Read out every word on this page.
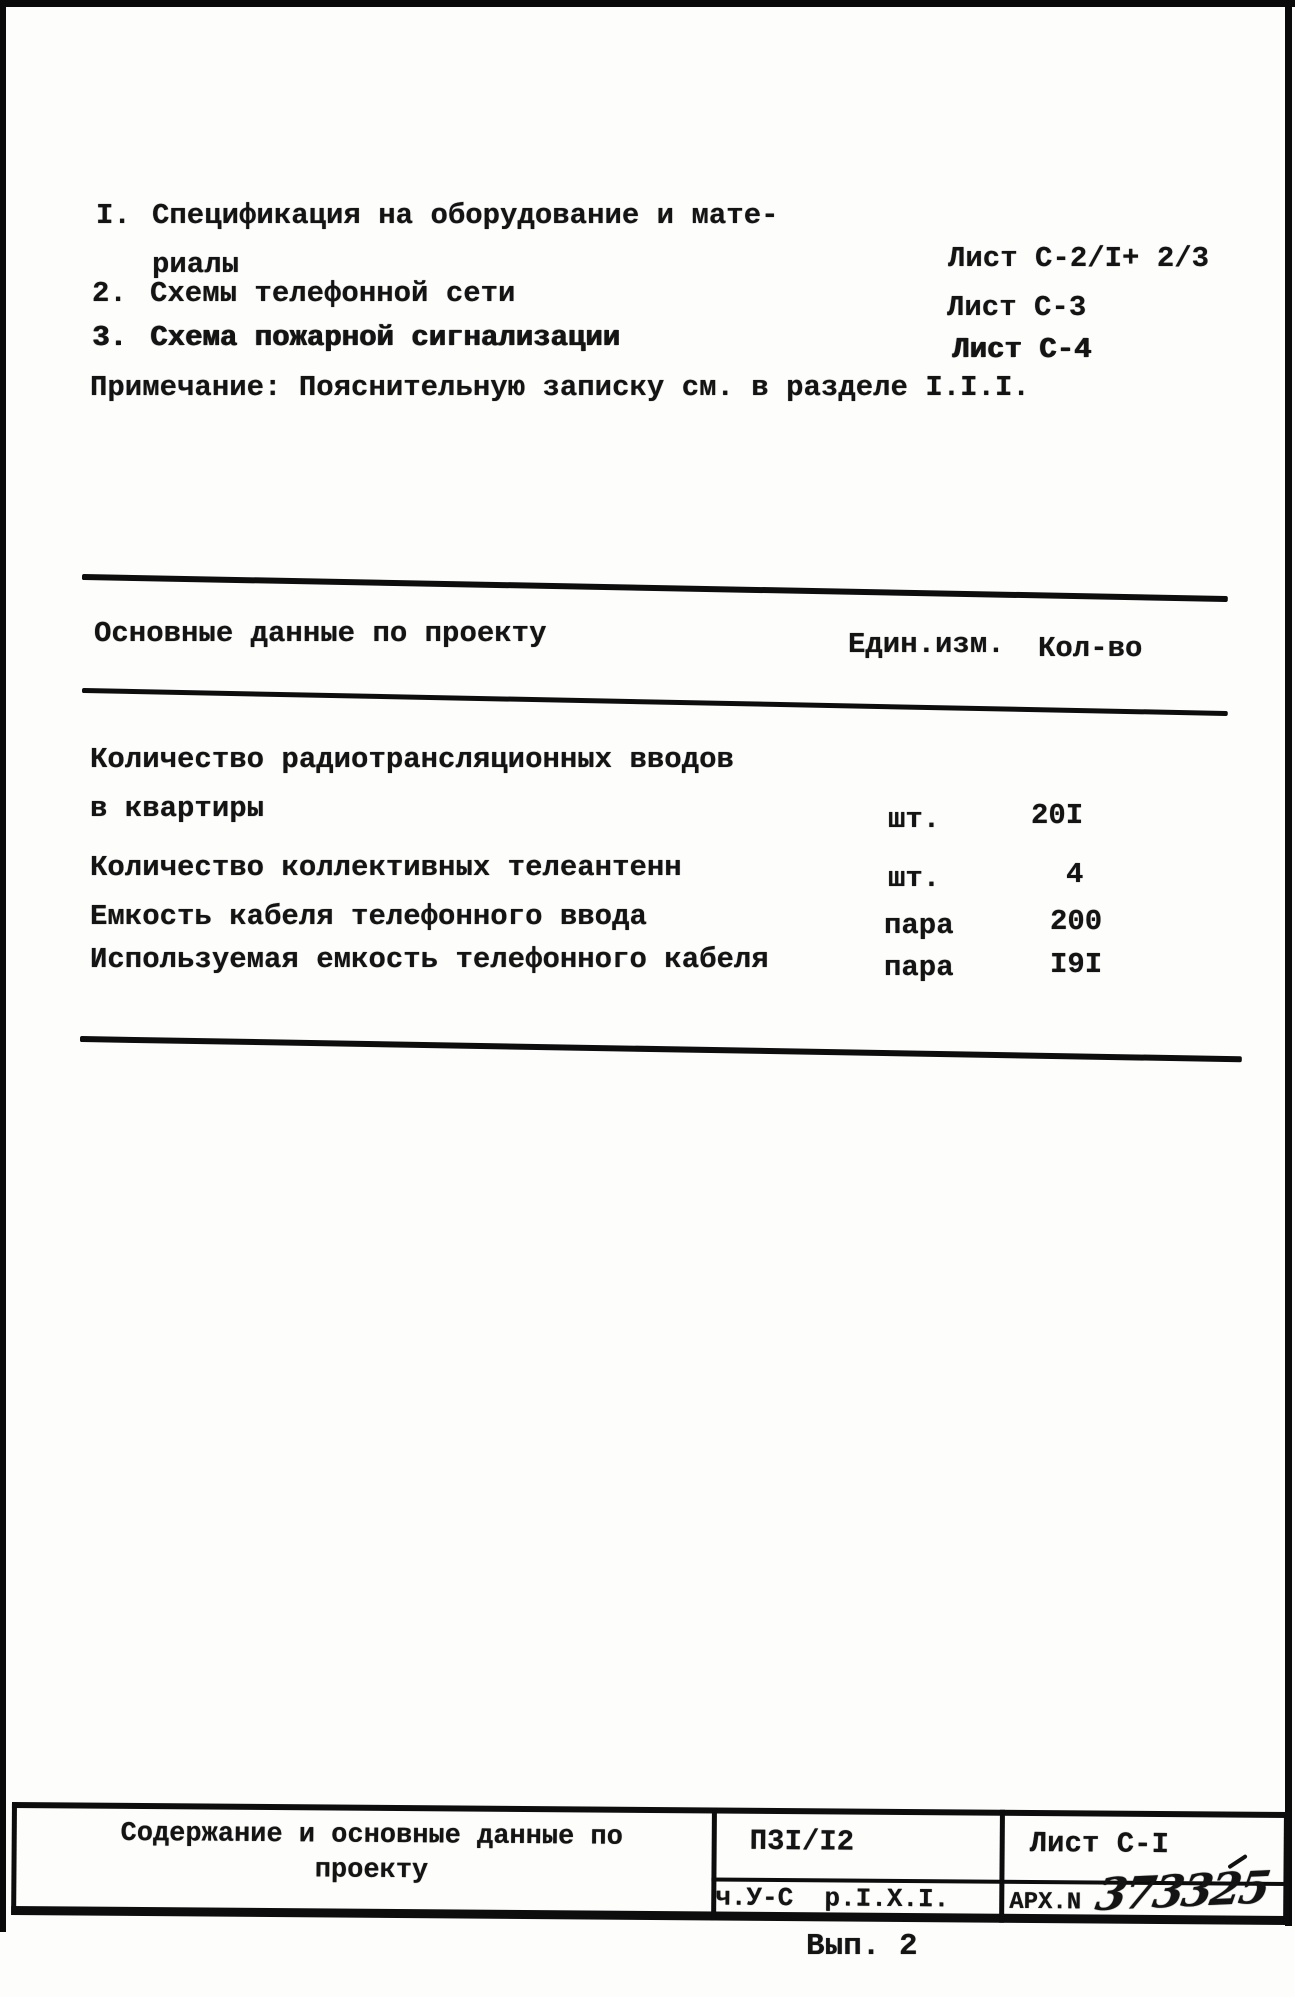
I. Спецификация на оборудование и мате-
риалы	Лист С-2/I+ 2/3
2. Схемы телефонной сети	Лист С-3
3. Схема пожарной сигнализации	Лист С-4
Примечание: Пояснительную записку см. в разделе I.I.I.
Основные данные по проекту	Един.изм. Кол-во
Количество радиотрансляционных вводов
в квартиры	шт.	20I
Количество коллективных телеантенн	шт.	4
Емкость кабеля телефонного ввода	пара	200
Используемая емкость телефонного кабеля	пара	I9I
Содержание и основные данные по
проекту
П3I/I2	Лист С-I
ч.У-С  р.I.Х.I. АРХ.N 373325
Вып. 2
